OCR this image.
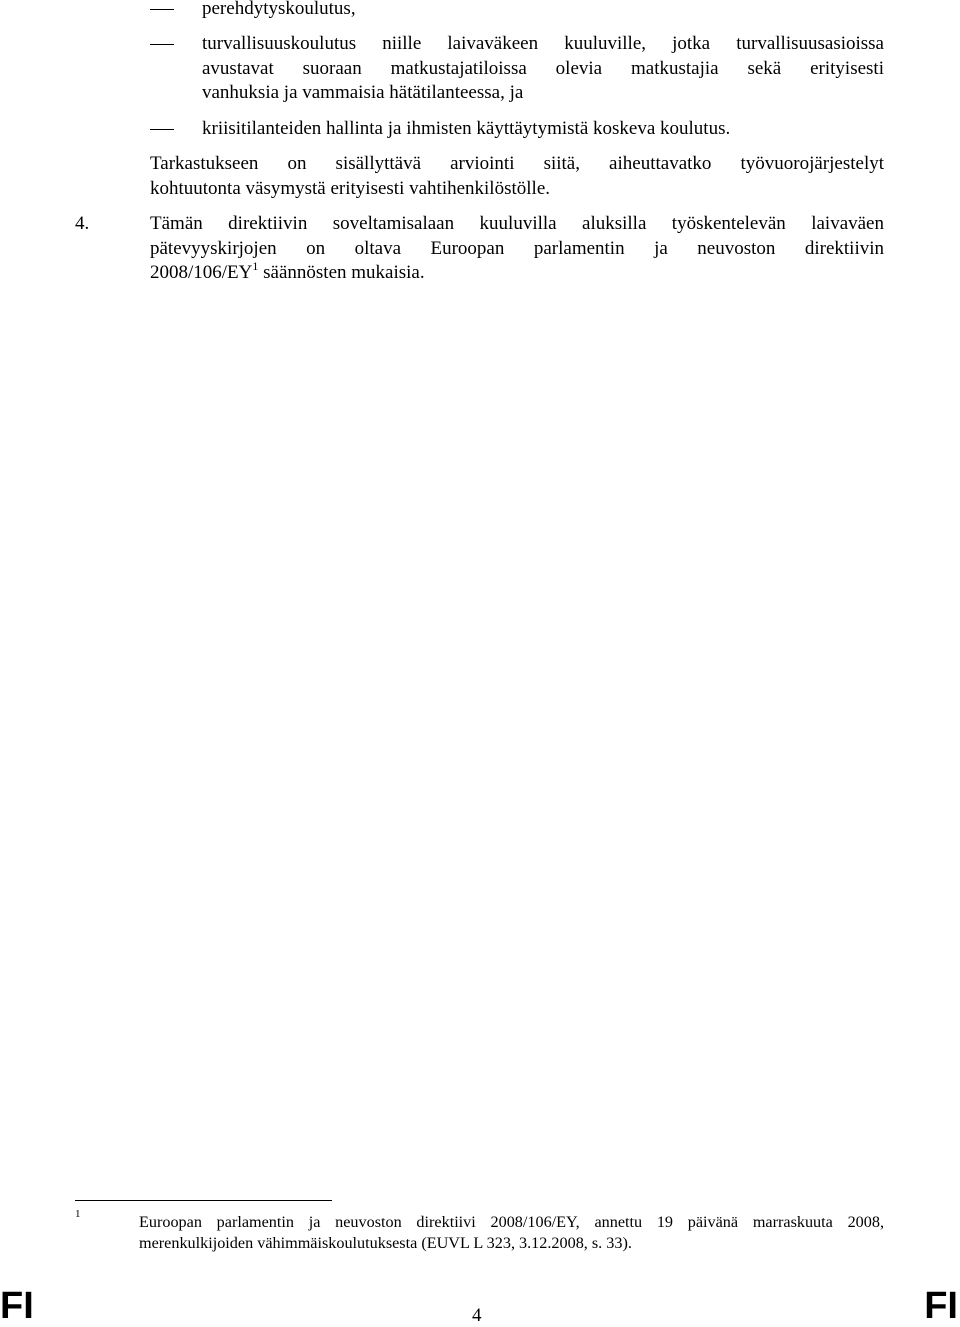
perehdytyskoulutus,
turvallisuuskoulutus niille laivaväkeen kuuluville, jotka turvallisuusasioissa
avustavat suoraan matkustajatiloissa olevia matkustajia sekä erityisesti
vanhuksia ja vammaisia hätätilanteessa, ja
kriisitilanteiden hallinta ja ihmisten käyttäytymistä koskeva koulutus.
Tarkastukseen on sisällyttävä arviointi siitä, aiheuttavatko työvuorojärjestelyt
kohtuutonta väsymystä erityisesti vahtihenkilöstölle.
4.	Tämän direktiivin soveltamisalaan kuuluvilla aluksilla työskentelevän laivaväen
pätevyyskirjojen on oltava Euroopan parlamentin ja neuvoston direktiivin
$2008/106/EY^1$ säännösten mukaisia.
1	Euroopan parlamentin ja neuvoston direktiivi 2008/106/EY, annettu 19 päivänä marraskuuta 2008,
merenkulkijoiden vähimmäiskoulutuksesta (EUVL L 323, 3.12.2008, s. 33).
FI	4	FI
